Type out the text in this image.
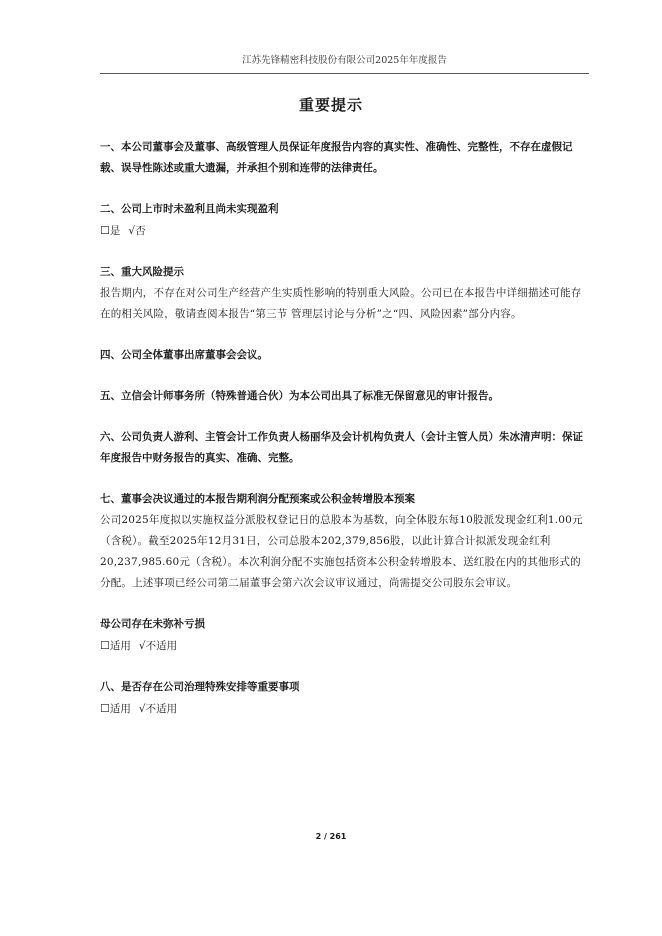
江苏先锋精密科技股份有限公司2025年年度报告
重要提示

一、本公司董事会及董事、高级管理人员保证年度报告内容的真实性、准确性、完整性，不存在虚假记载、误导性陈述或重大遗漏，并承担个别和连带的法律责任。

二、公司上市时未盈利且尚未实现盈利

☐是 √否

三、重大风险提示

报告期内，不存在对公司生产经营产生实质性影响的特别重大风险。公司已在本报告中详细描述可能存在的相关风险，敬请查阅本报告“第三节 管理层讨论与分析”之“四、风险因素”部分内容。

四、公司全体董事出席董事会会议。

五、立信会计师事务所（特殊普通合伙）为本公司出具了标准无保留意见的审计报告。

六、公司负责人游利、主管会计工作负责人杨丽华及会计机构负责人（会计主管人员）朱冰清声明：保证年度报告中财务报告的真实、准确、完整。

七、董事会决议通过的本报告期利润分配预案或公积金转增股本预案

公司2025年度拟以实施权益分派股权登记日的总股本为基数，向全体股东每10股派发现金红利1.00元（含税）。截至2025年12月31日，公司总股本202,379,856股，以此计算合计拟派发现金红利20,237,985.60元（含税）。本次利润分配不实施包括资本公积金转增股本、送红股在内的其他形式的分配。上述事项已经公司第二届董事会第六次会议审议通过，尚需提交公司股东会审议。

母公司存在未弥补亏损

☐适用 √不适用

八、是否存在公司治理特殊安排等重要事项

☐适用 √不适用

2 / 261
